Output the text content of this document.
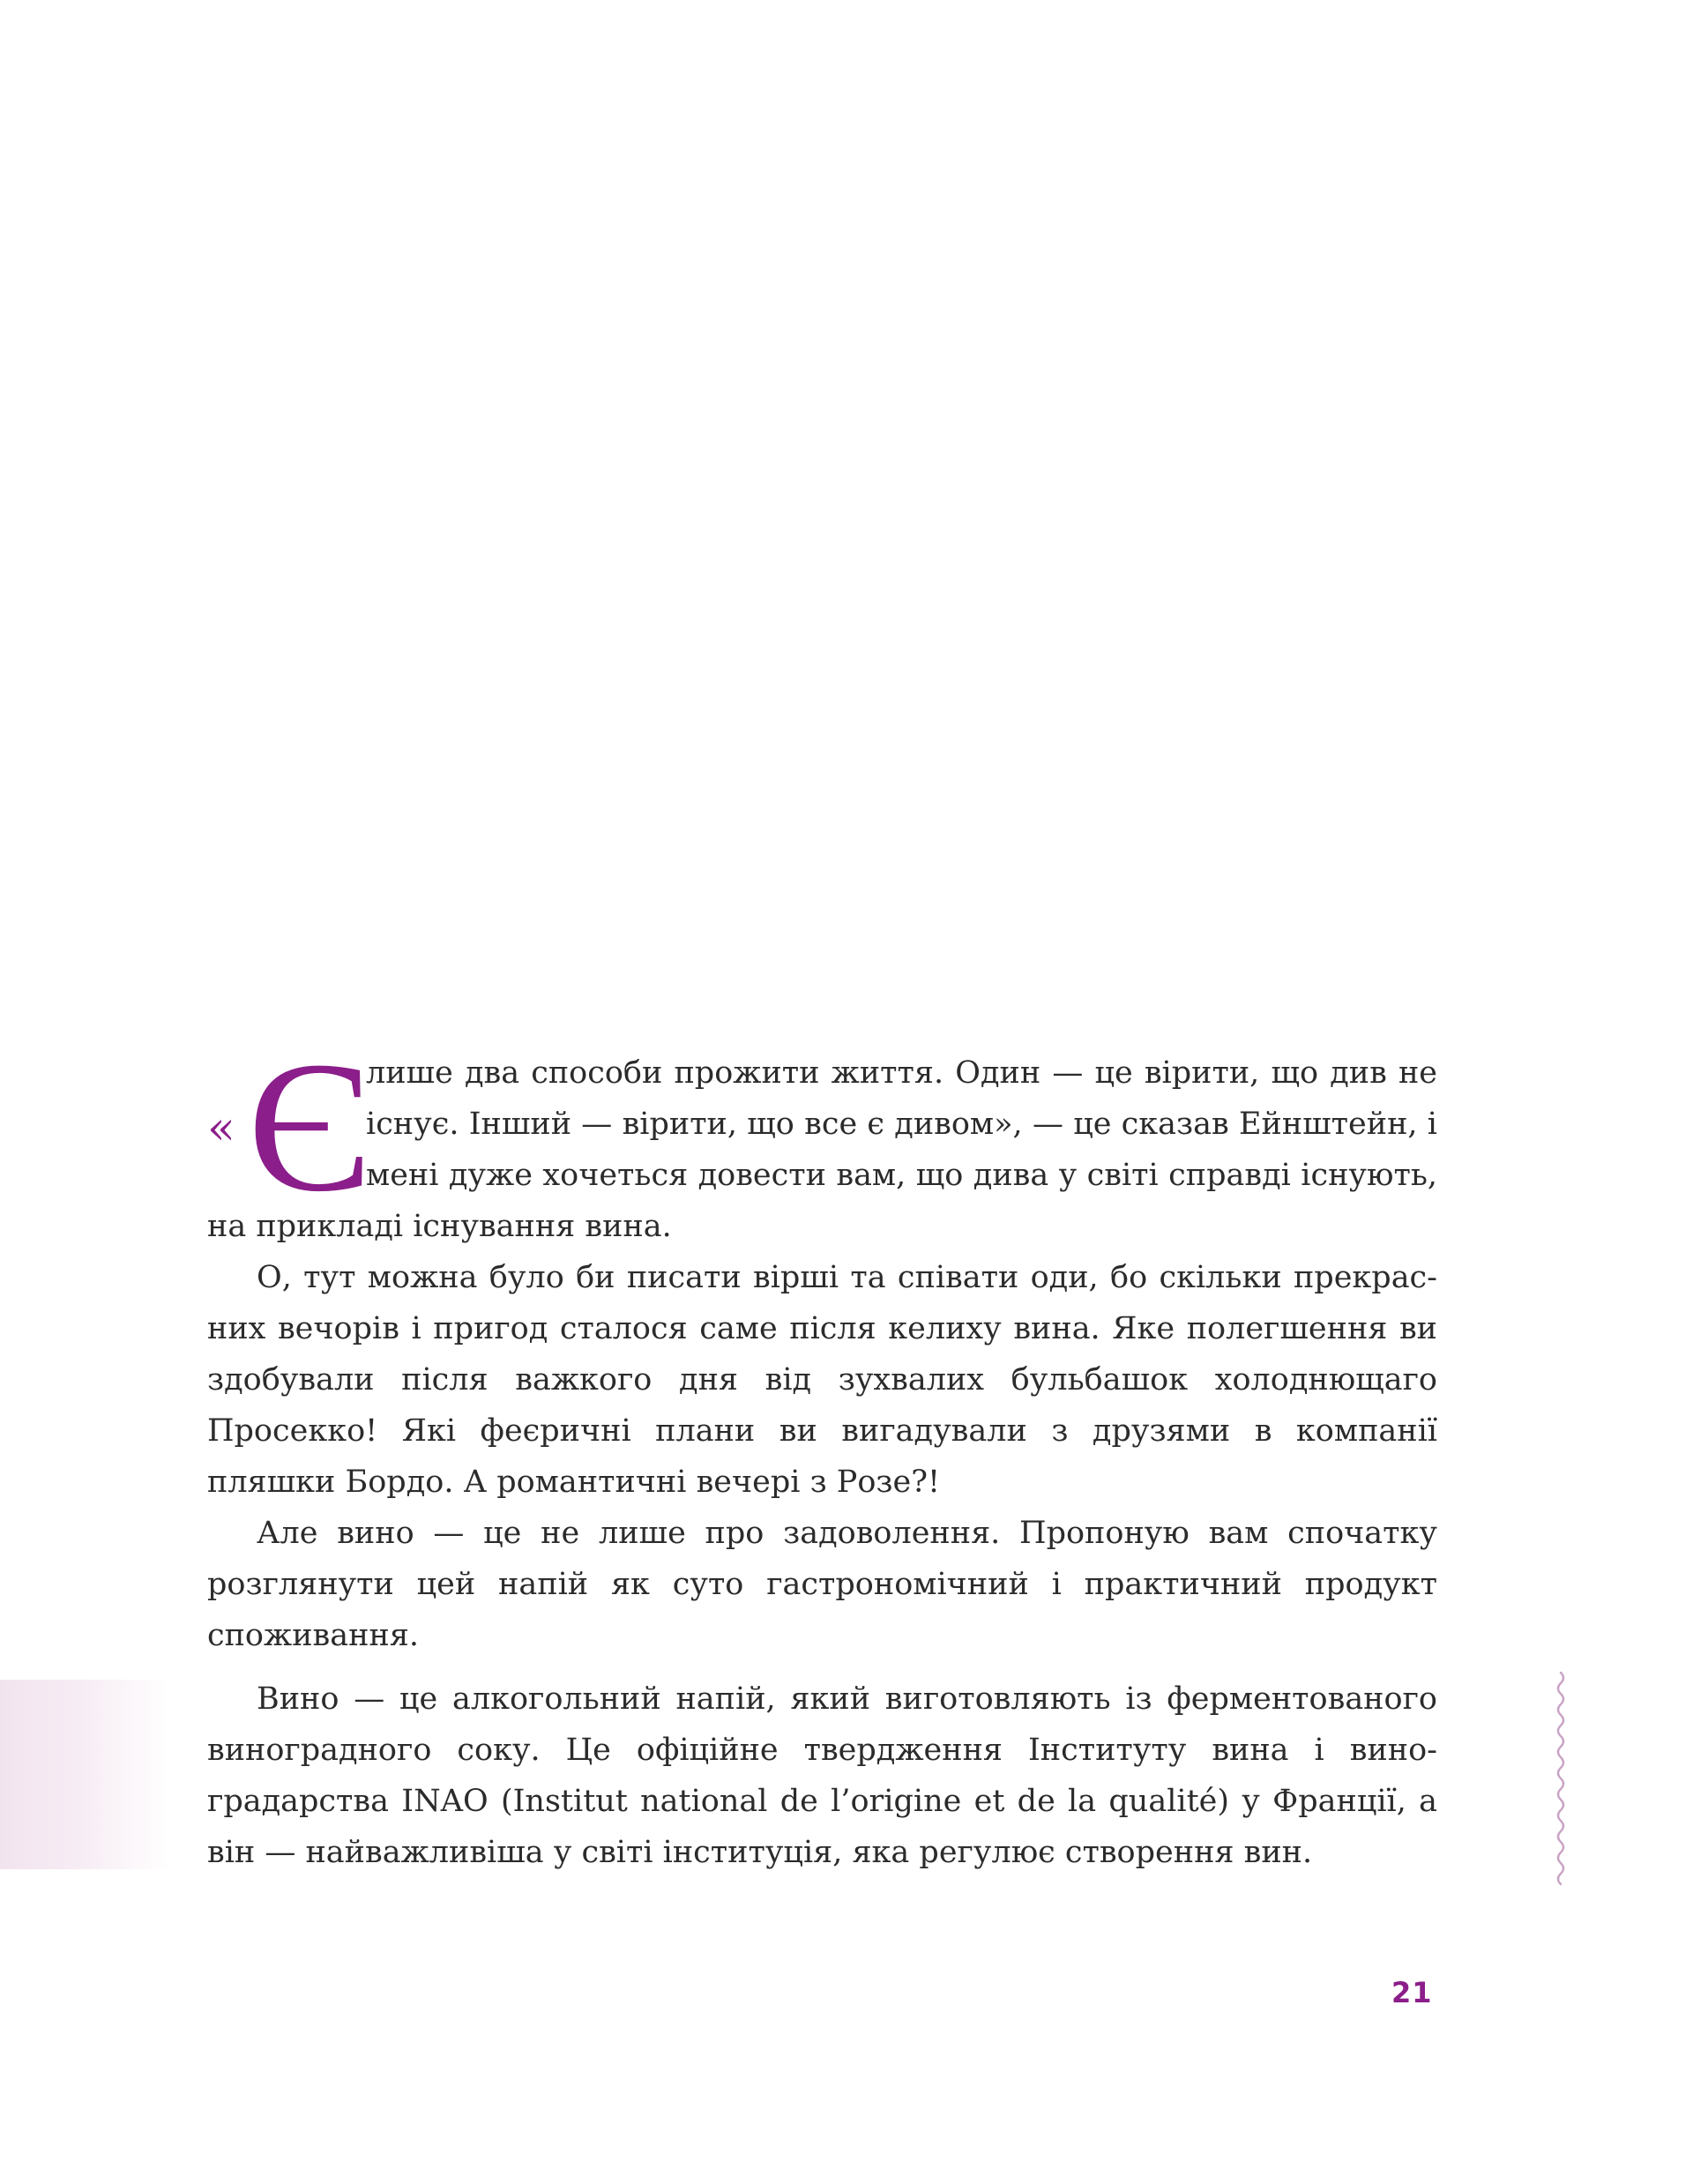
« Є
лише два способи прожити життя. Один — це вірити, що див не існує. Інший — вірити, що все є дивом», — це сказав Ейнштейн, і мені дуже хочеться довести вам, що дива у світі справді існують, на прикладі існування вина.

О, тут можна було би писати вірші та співати оди, бо скільки прекрасних вечорів і пригод сталося саме після келиху вина. Яке полегшення ви здобували після важкого дня від зухвалих бульбашок холоднющаго Просекко! Які феєричні плани ви вигадували з друзями в компанії пляшки Бордо. А романтичні вечері з Розе?!

Але вино — це не лише про задоволення. Пропоную вам спочатку розглянути цей напій як суто гастрономічний і практичний продукт споживання.

Вино — це алкогольний напій, який виготовляють із ферментованого виноградного соку. Це офіційне твердження Інституту вина і виноградарства INAO (Institut national de l’origine et de la qualité) у Франції, а він — найважливіша у світі інституція, яка регулює створення вин.

21
